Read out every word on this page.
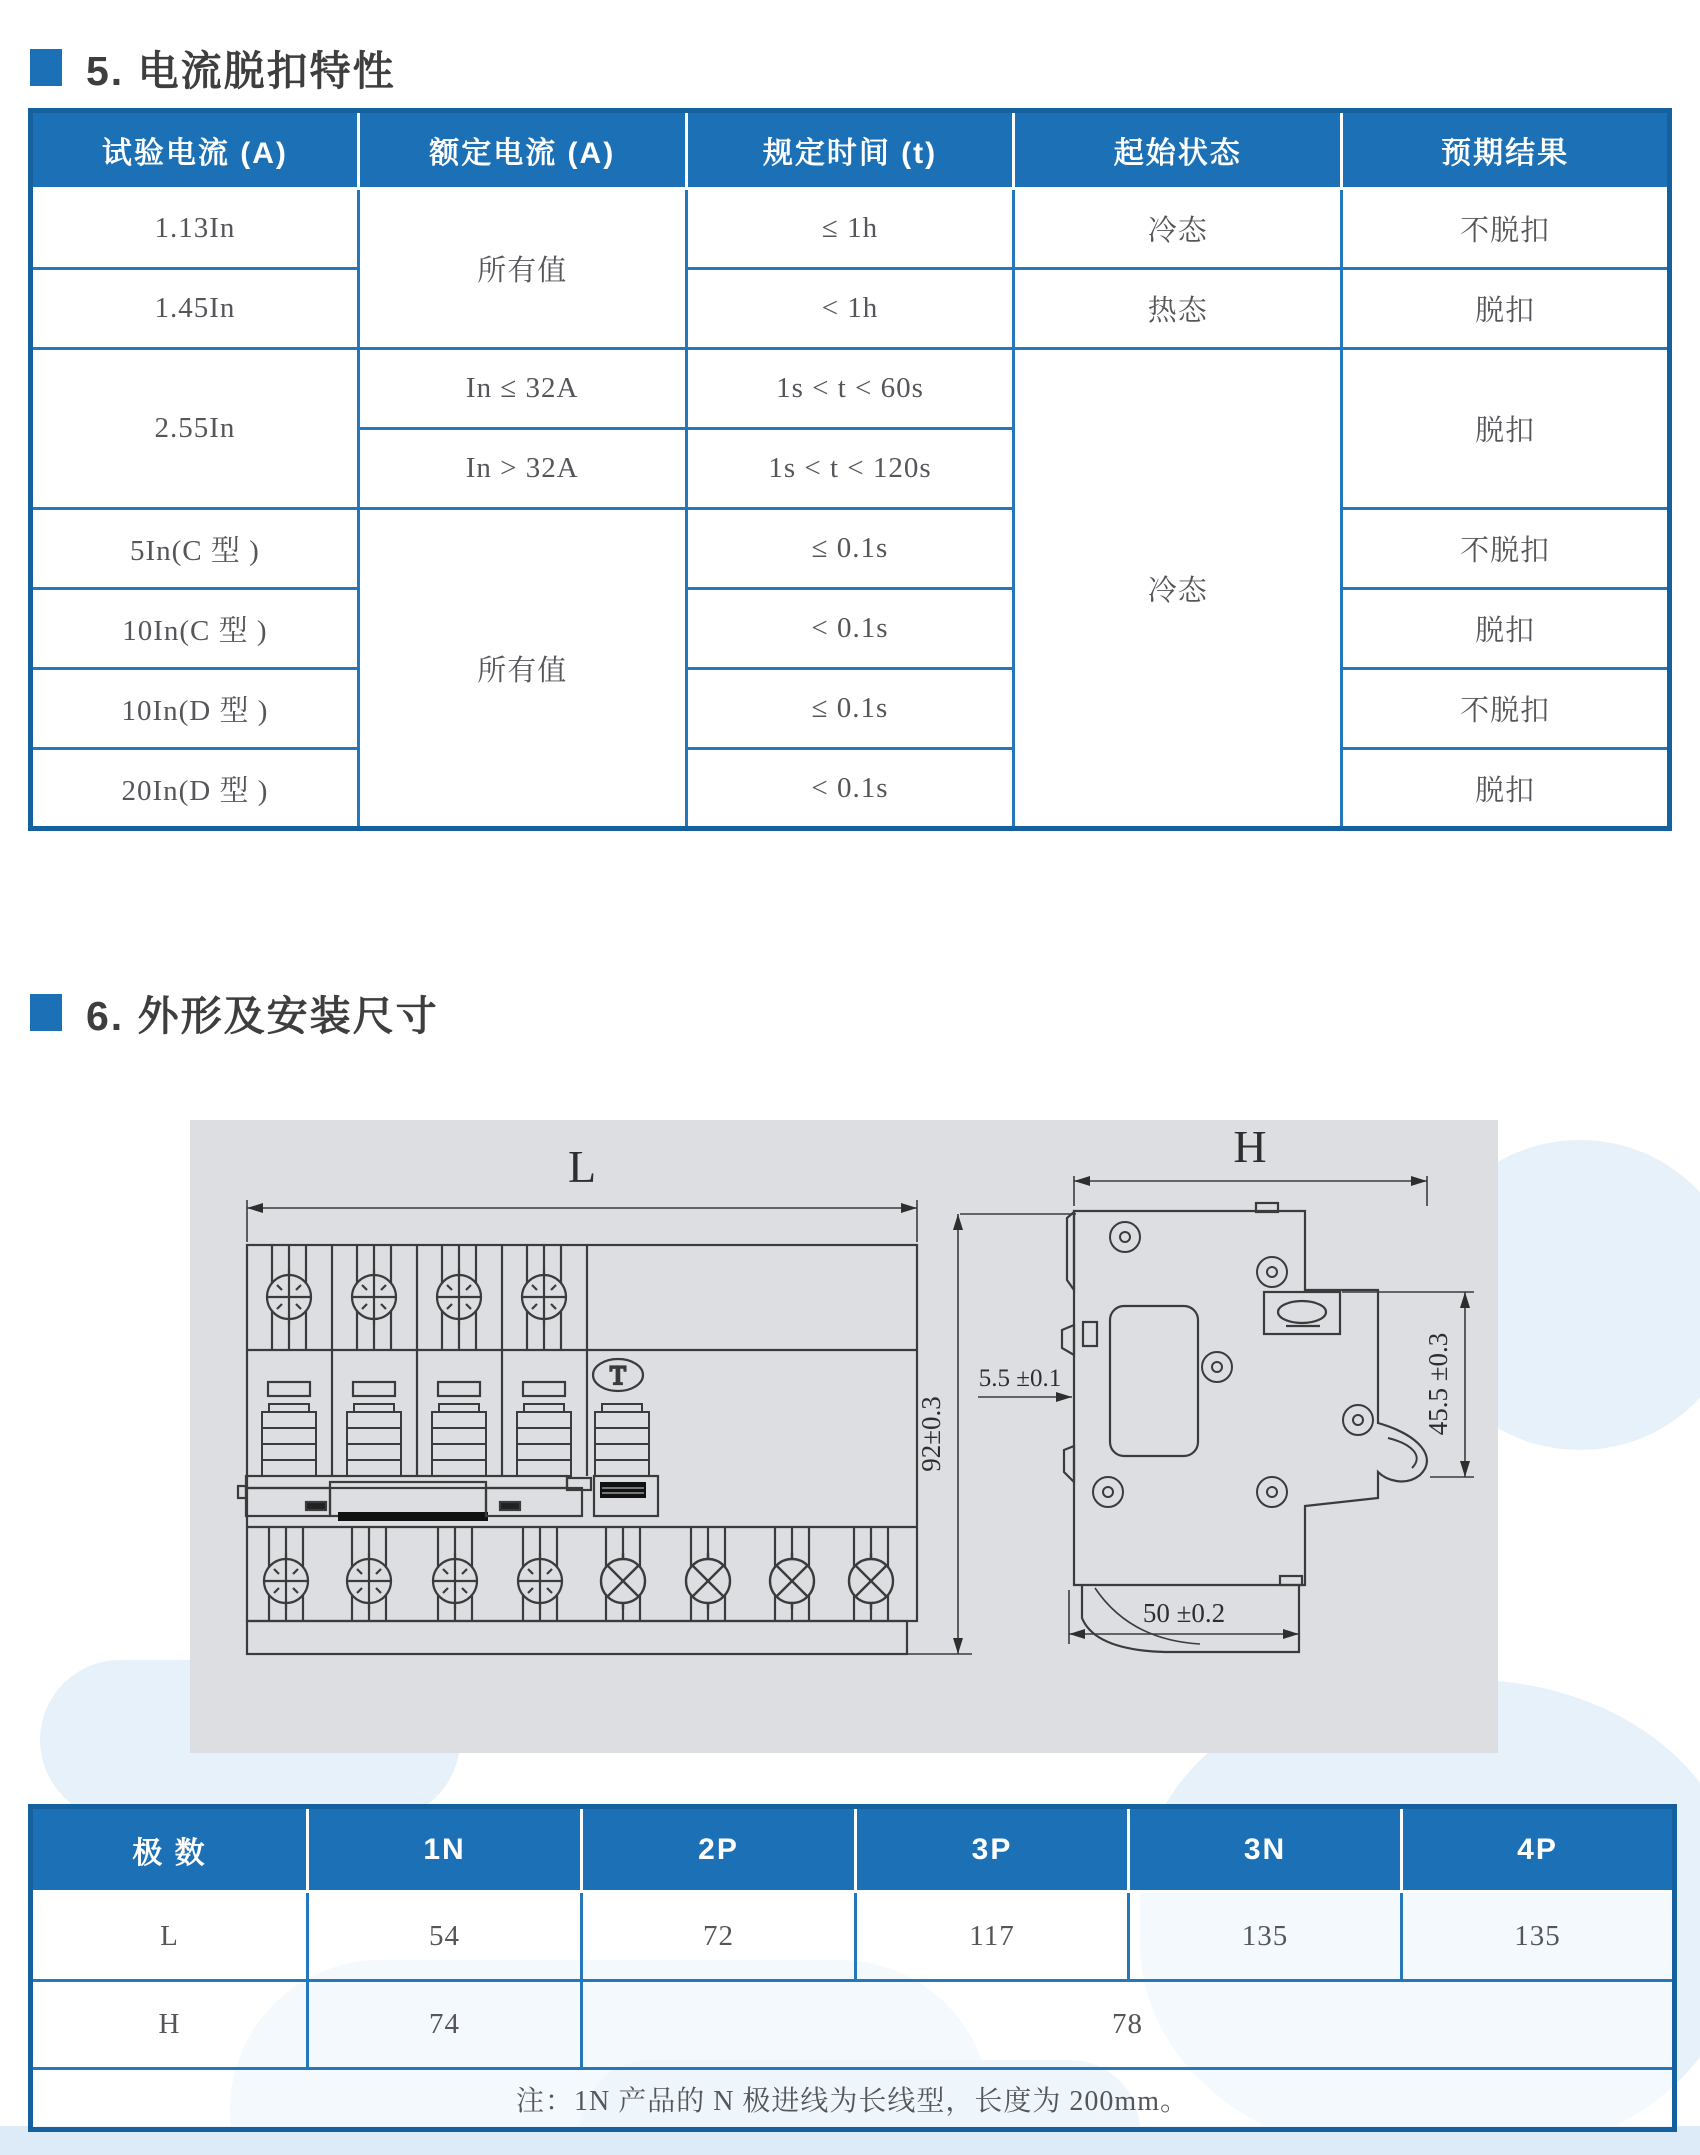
5. 电流脱扣特性
试验电流 (A)	额定电流 (A)	规定时间 (t)	起始状态	预期结果
1.13In	所有值	≤ 1h	冷态	不脱扣
1.45In		< 1h	热态	脱扣
2.55In	In ≤ 32A	1s < t < 60s	冷态	脱扣
	In > 32A	1s < t < 120s		
5In(C 型 )	所有值	≤ 0.1s		不脱扣
10In(C 型 )		< 0.1s		脱扣
10In(D 型 )		≤ 0.1s		不脱扣
20In(D 型 )		< 0.1s		脱扣
6. 外形及安装尺寸
T
L	H
92±0.3
5.5 ±0.1	45.5 ±0.3
50 ±0.2
极 数	1N	2P	3P	3N	4P
L	54	72	117	135	135
H	74	78			
注：1N 产品的 N 极进线为长线型，长度为 200mm。					
